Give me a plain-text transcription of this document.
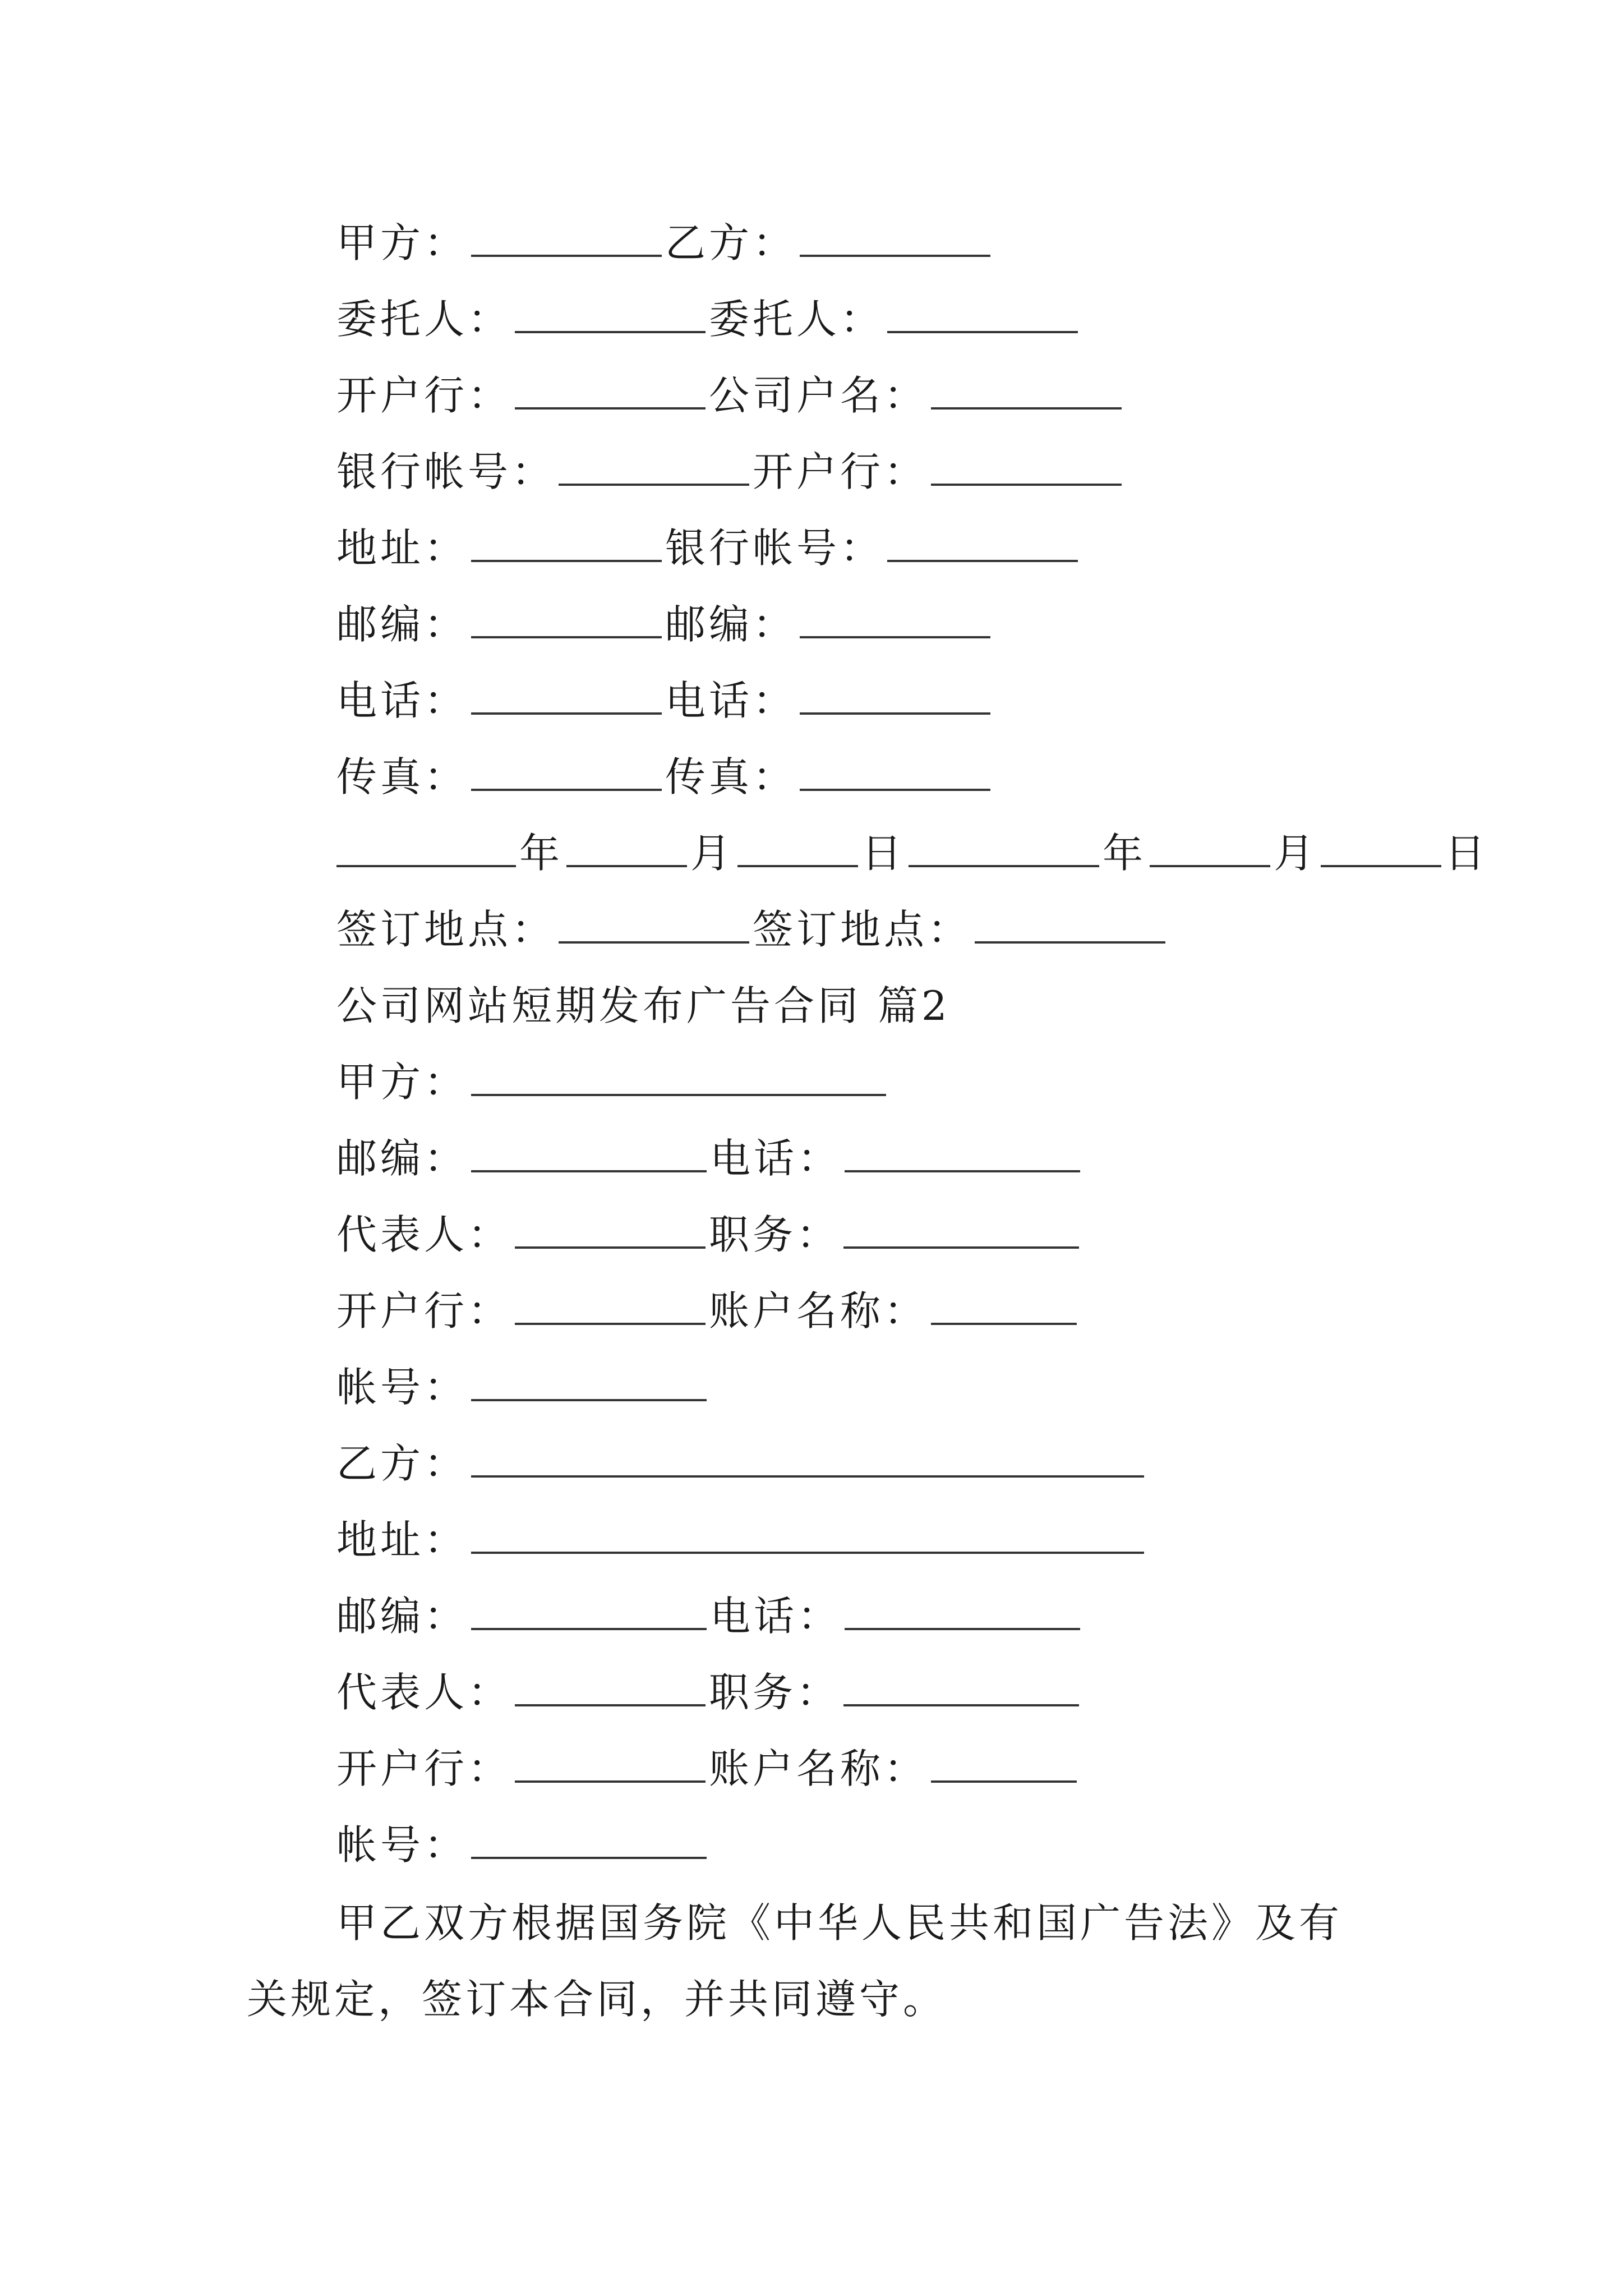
甲方：	乙方：
委托人：	委托人：
开户行：	公司户名：
银行帐号：	开户行：
地址：	银行帐号：
邮编：	邮编：
电话：	电话：
传真：	传真：
年	月	日	年	月	日
签订地点：	签订地点：
公司网站短期发布广告合同 篇2
甲方：
邮编：	电话：
代表人：	职务：
开户行：	账户名称：
帐号：
乙方：
地址：
邮编：	电话：
代表人：	职务：
开户行：	账户名称：
帐号：
甲乙双方根据国务院《中华人民共和国广告法》及有关规定，签订本合同，并共同遵守。
